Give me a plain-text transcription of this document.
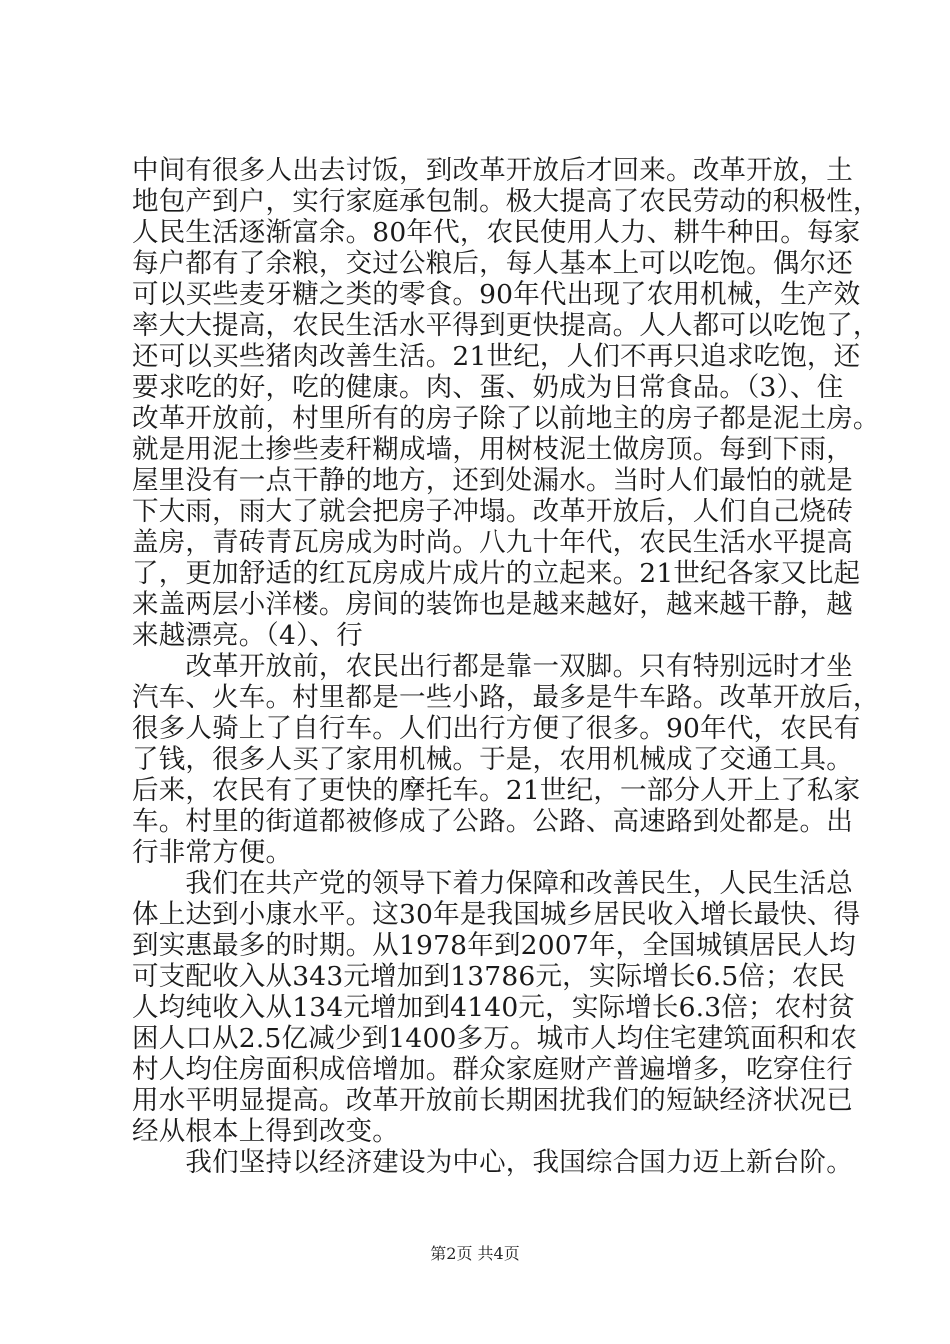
中间有很多人出去讨饭，到改革开放后才回来。改革开放，土
地包产到户，实行家庭承包制。极大提高了农民劳动的积极性，
人民生活逐渐富余。80年代，农民使用人力、耕牛种田。每家
每户都有了余粮，交过公粮后，每人基本上可以吃饱。偶尔还
可以买些麦牙糖之类的零食。90年代出现了农用机械，生产效
率大大提高，农民生活水平得到更快提高。人人都可以吃饱了，
还可以买些猪肉改善生活。21世纪，人们不再只追求吃饱，还
要求吃的好，吃的健康。肉、蛋、奶成为日常食品。（3）、住
改革开放前，村里所有的房子除了以前地主的房子都是泥土房。
就是用泥土掺些麦秆糊成墙，用树枝泥土做房顶。每到下雨，
屋里没有一点干静的地方，还到处漏水。当时人们最怕的就是
下大雨，雨大了就会把房子冲塌。改革开放后，人们自己烧砖
盖房，青砖青瓦房成为时尚。八九十年代，农民生活水平提高
了，更加舒适的红瓦房成片成片的立起来。21世纪各家又比起
来盖两层小洋楼。房间的装饰也是越来越好，越来越干静，越
来越漂亮。（4）、行
　　改革开放前，农民出行都是靠一双脚。只有特别远时才坐
汽车、火车。村里都是一些小路，最多是牛车路。改革开放后，
很多人骑上了自行车。人们出行方便了很多。90年代，农民有
了钱，很多人买了家用机械。于是，农用机械成了交通工具。
后来，农民有了更快的摩托车。21世纪，一部分人开上了私家
车。村里的街道都被修成了公路。公路、高速路到处都是。出
行非常方便。
　　我们在共产党的领导下着力保障和改善民生，人民生活总
体上达到小康水平。这30年是我国城乡居民收入增长最快、得
到实惠最多的时期。从1978年到2007年，全国城镇居民人均
可支配收入从343元增加到13786元，实际增长6.5倍；农民
人均纯收入从134元增加到4140元，实际增长6.3倍；农村贫
困人口从2.5亿减少到1400多万。城市人均住宅建筑面积和农
村人均住房面积成倍增加。群众家庭财产普遍增多，吃穿住行
用水平明显提高。改革开放前长期困扰我们的短缺经济状况已
经从根本上得到改变。
　　我们坚持以经济建设为中心，我国综合国力迈上新台阶。
第2页 共4页
